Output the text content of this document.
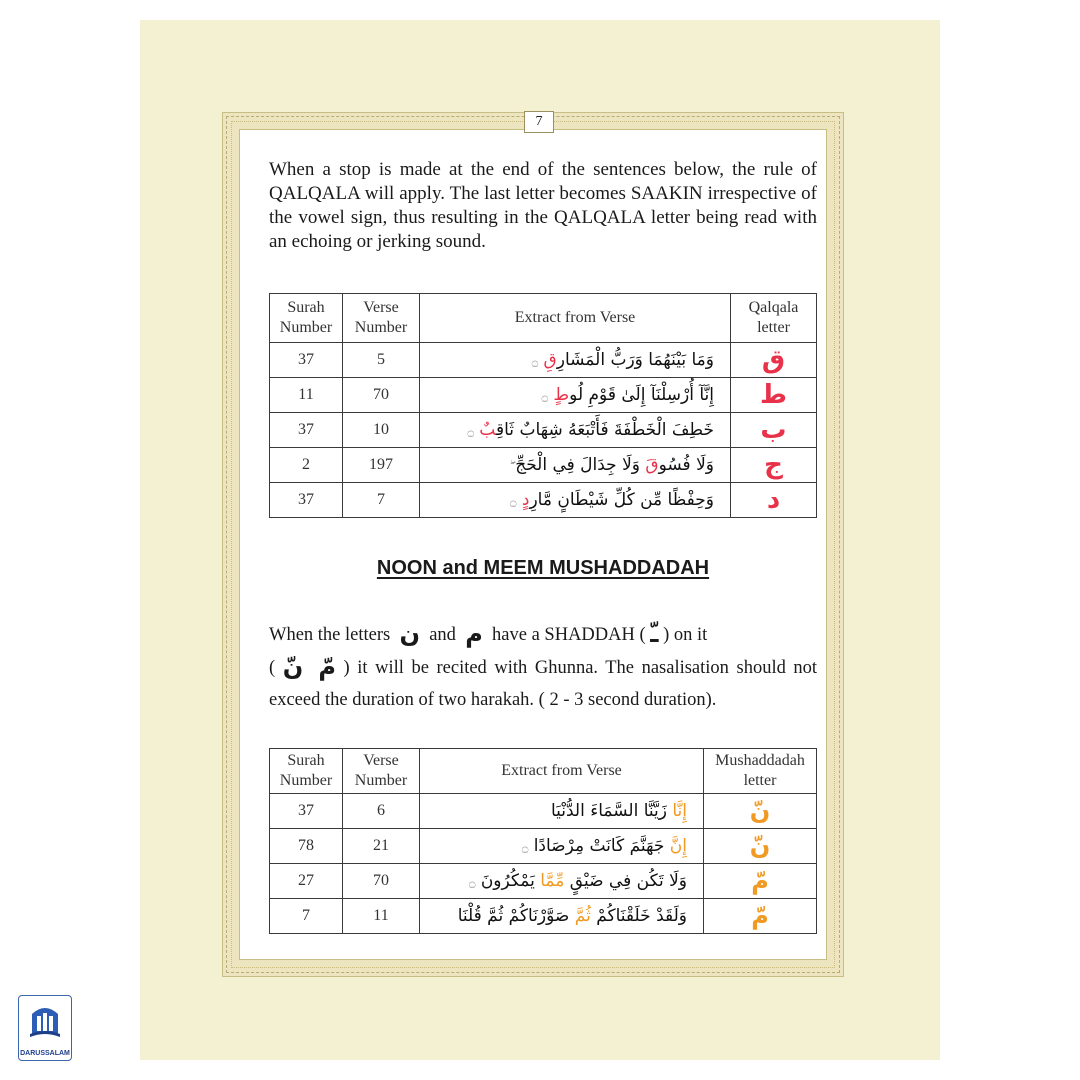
7
When a stop is made at the end of the sentences below, the rule of QALQALA will apply. The last letter becomes SAAKIN irrespective of the vowel sign, thus resulting in the QALQALA letter being read with an echoing or jerking sound.
Surah Number	Verse Number	Extract from Verse	Qalqala letter
37	5	وَمَا بَيْنَهُمَا وَرَبُّ الْمَشَارِقِ ۝	ق
11	70	إِنَّآ أُرْسِلْنَآ إِلَىٰ قَوْمِ لُوطٍ ۝	ط
37	10	خَطِفَ الْخَطْفَةَ فَأَتْبَعَهُ شِهَابٌ ثَاقِبٌ ۝	ب
2	197	وَلَا فُسُوقَ وَلَا جِدَالَ فِي الْحَجِّ	ج
37	7	وَحِفْظًا مِّن كُلِّ شَيْطَانٍ مَّارِدٍ ۝	د
NOON and MEEM MUSHADDADAH
When the letters ن and م have a SHADDAH ( ـ ) on it
( مّ  نّ ) it will be recited with Ghunna. The nasalisation should not exceed the duration of two harakah. ( 2 - 3 second duration).
Surah Number	Verse Number	Extract from Verse	Mushaddadah letter
37	6	إِنَّا زَيَّنَّا السَّمَاءَ الدُّنْيَا	نّ
78	21	إِنَّ جَهَنَّمَ كَانَتْ مِرْصَادًا ۝	نّ
27	70	وَلَا تَكُن فِي ضَيْقٍ مِّمَّا يَمْكُرُونَ ۝	مّ
7	11	وَلَقَدْ خَلَقْنَاكُمْ ثُمَّ صَوَّرْنَاكُمْ ثُمَّ قُلْنَا	مّ
DARUSSALAM
